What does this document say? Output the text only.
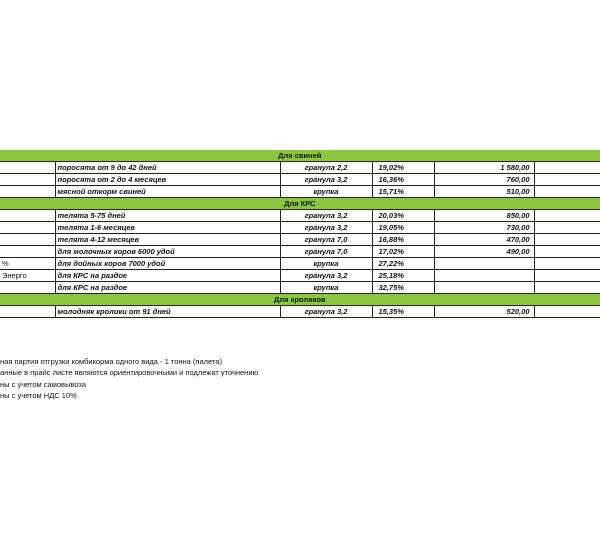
Для свиней					
	поросята от 9 до 42 дней	гранула 2,2	19,02%	1 580,00	
	поросята от 2 до 4 месяцев	гранула 3,2	16,36%	760,00	
	мясной откорм свиней	крупка	15,71%	510,00	
Для КРС					
	телята 5-75 дней	гранула 3,2	20,03%	850,00	
	телята 1-6 месяцев	гранула 3,2	19,05%	730,00	
	телята 4-12 месяцев	гранула 7,0	16,88%	470,00	
	для молочных коров 6000 удой	гранула 7,0	17,02%	490,00	
%	для дойных коров 7000 удой	крупка	27,22%		
Энерго	для КРС на раздое	гранула 3,2	25,18%		
	для КРС на раздое	крупка	32,75%		
Для кроликов					
	молодняк кролики от 91 дней	гранула 3,2	15,35%	520,00	
ная партия отгрузки комбикорма одного вида - 1 тонна (палета)
анные в прайс листе являются ориентировочными и подлежат уточнению
ны с учетом самовывоза
ны с учетом НДС 10%
